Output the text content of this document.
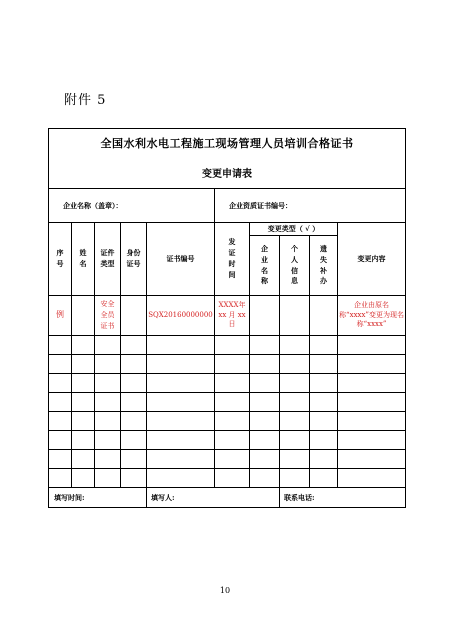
附件 5
全国水利水电工程施工现场管理人员培训合格证书									
变更申请表									
企业名称（盖章）：					企业资质证书编号：				
序号	姓名	证件类型	身份证号	证书编号	发证时间	变更类型（ √ ）			变更内容
						企业名称	个人信息	遗失补办	
例		安全全员证书		SQX20160000000	XXXX年 xx 月 xx 日				企业由原名称“xxxx”变更为现名称“xxxx”

填写时间:				填写人:			联系电话:		
10
